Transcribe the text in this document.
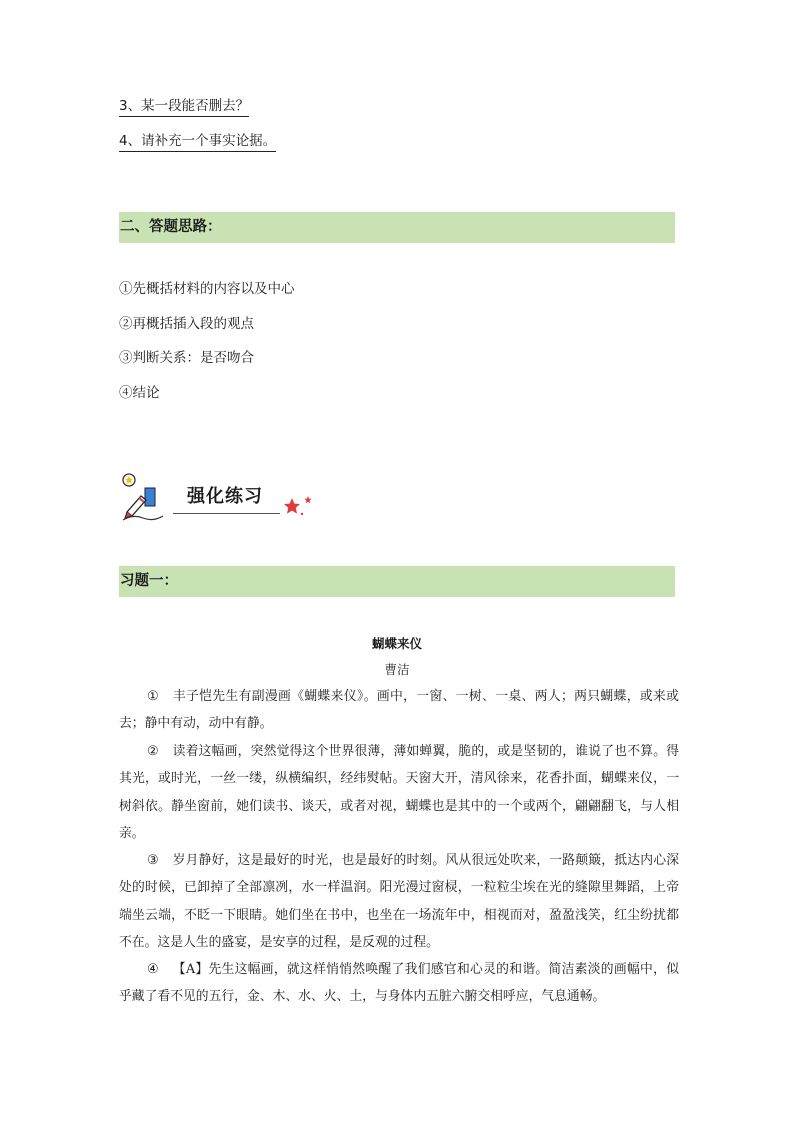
3、某一段能否删去？
4、请补充一个事实论据。
二、答题思路：
①先概括材料的内容以及中心
②再概括插入段的观点
③判断关系：是否吻合
④结论
强化练习
习题一：
蝴蝶来仪
曹洁
① 丰子恺先生有副漫画《蝴蝶来仪》。画中，一窗、一树、一桌、两人；两只蝴蝶，或来或去；静中有动，动中有静。
② 读着这幅画，突然觉得这个世界很薄，薄如蝉翼，脆的，或是坚韧的，谁说了也不算。得其光，或时光，一丝一缕，纵横编织，经纬熨帖。天窗大开，清风徐来，花香扑面，蝴蝶来仪，一树斜依。静坐窗前，她们读书、谈天，或者对视，蝴蝶也是其中的一个或两个，翩翩翻飞，与人相亲。
③ 岁月静好，这是最好的时光，也是最好的时刻。风从很远处吹来，一路颠簸，抵达内心深处的时候，已卸掉了全部凛冽，水一样温润。阳光漫过窗棂，一粒粒尘埃在光的缝隙里舞蹈，上帝端坐云端，不眨一下眼睛。她们坐在书中，也坐在一场流年中，相视而对，盈盈浅笑，红尘纷扰都不在。这是人生的盛宴，是安享的过程，是反观的过程。
④ 【A】先生这幅画，就这样悄悄然唤醒了我们感官和心灵的和谐。简洁素淡的画幅中，似乎藏了看不见的五行，金、木、水、火、土，与身体内五脏六腑交相呼应，气息通畅。
